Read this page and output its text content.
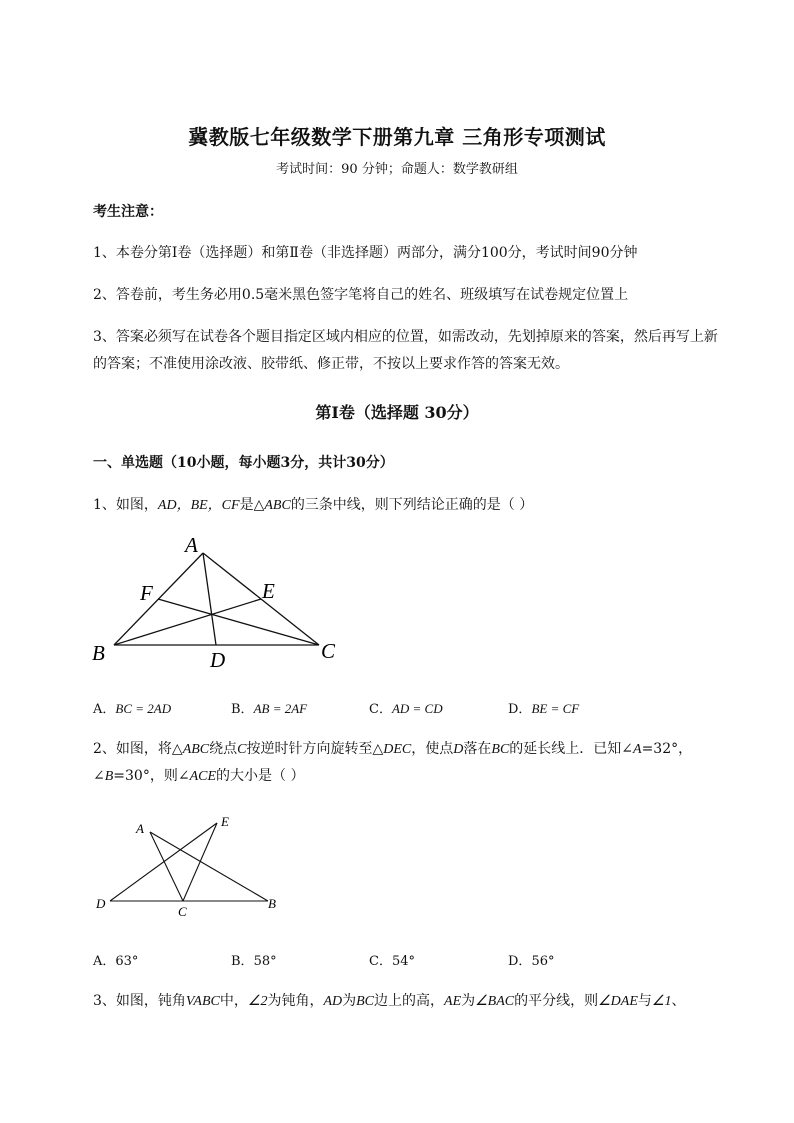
冀教版七年级数学下册第九章 三角形专项测试
考试时间：90 分钟；命题人：数学教研组
考生注意：
1、本卷分第Ⅰ卷（选择题）和第Ⅱ卷（非选择题）两部分，满分100分，考试时间90分钟
2、答卷前，考生务必用0.5毫米黑色签字笔将自己的姓名、班级填写在试卷规定位置上
3、答案必须写在试卷各个题目指定区域内相应的位置，如需改动，先划掉原来的答案，然后再写上新
的答案；不准使用涂改液、胶带纸、修正带，不按以上要求作答的答案无效。
第Ⅰ卷（选择题 30分）
一、单选题（10小题，每小题3分，共计30分）
1、如图，AD，BE，CF是△ABC的三条中线，则下列结论正确的是（ ）
A
F	E
B	D	C
A．BC = 2AD	B．AB = 2AF	C．AD = CD	D．BE = CF
2、如图，将△ABC绕点C按逆时针方向旋转至△DEC，使点D落在BC的延长线上．已知∠A=32°，
∠B=30°，则∠ACE的大小是（ ）
A	E
D
C
B
A．63°	B．58°	C．54°	D．56°
3、如图，钝角VABC中，∠2为钝角，AD为BC边上的高，AE为∠BAC的平分线，则∠DAE与∠1、
